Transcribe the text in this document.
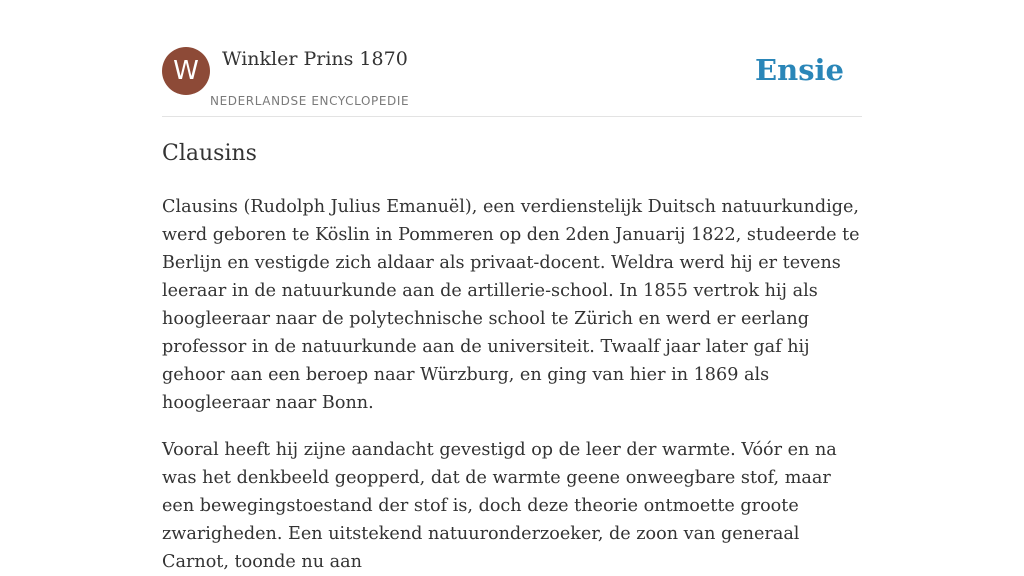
W	Winkler Prins 1870
NEDERLANDSE ENCYCLOPEDIE
Ensie
Clausins

Clausins (Rudolph Julius Emanuël), een verdienstelijk Duitsch natuurkundige, werd geboren te Köslin in Pommeren op den 2den Januarij 1822, studeerde te Berlijn en vestigde zich aldaar als privaat-docent. Weldra werd hij er tevens leeraar in de natuurkunde aan de artillerie-school. In 1855 vertrok hij als hoogleeraar naar de polytechnische school te Zürich en werd er eerlang professor in de natuurkunde aan de universiteit. Twaalf jaar later gaf hij gehoor aan een beroep naar Würzburg, en ging van hier in 1869 als hoogleeraar naar Bonn.

Vooral heeft hij zijne aandacht gevestigd op de leer der warmte. Vóór en na was het denkbeeld geopperd, dat de warmte geene onweegbare stof, maar een bewegingstoestand der stof is, doch deze theorie ontmoette groote zwarigheden. Een uitstekend natuuronderzoeker, de zoon van generaal Carnot, toonde nu aan
